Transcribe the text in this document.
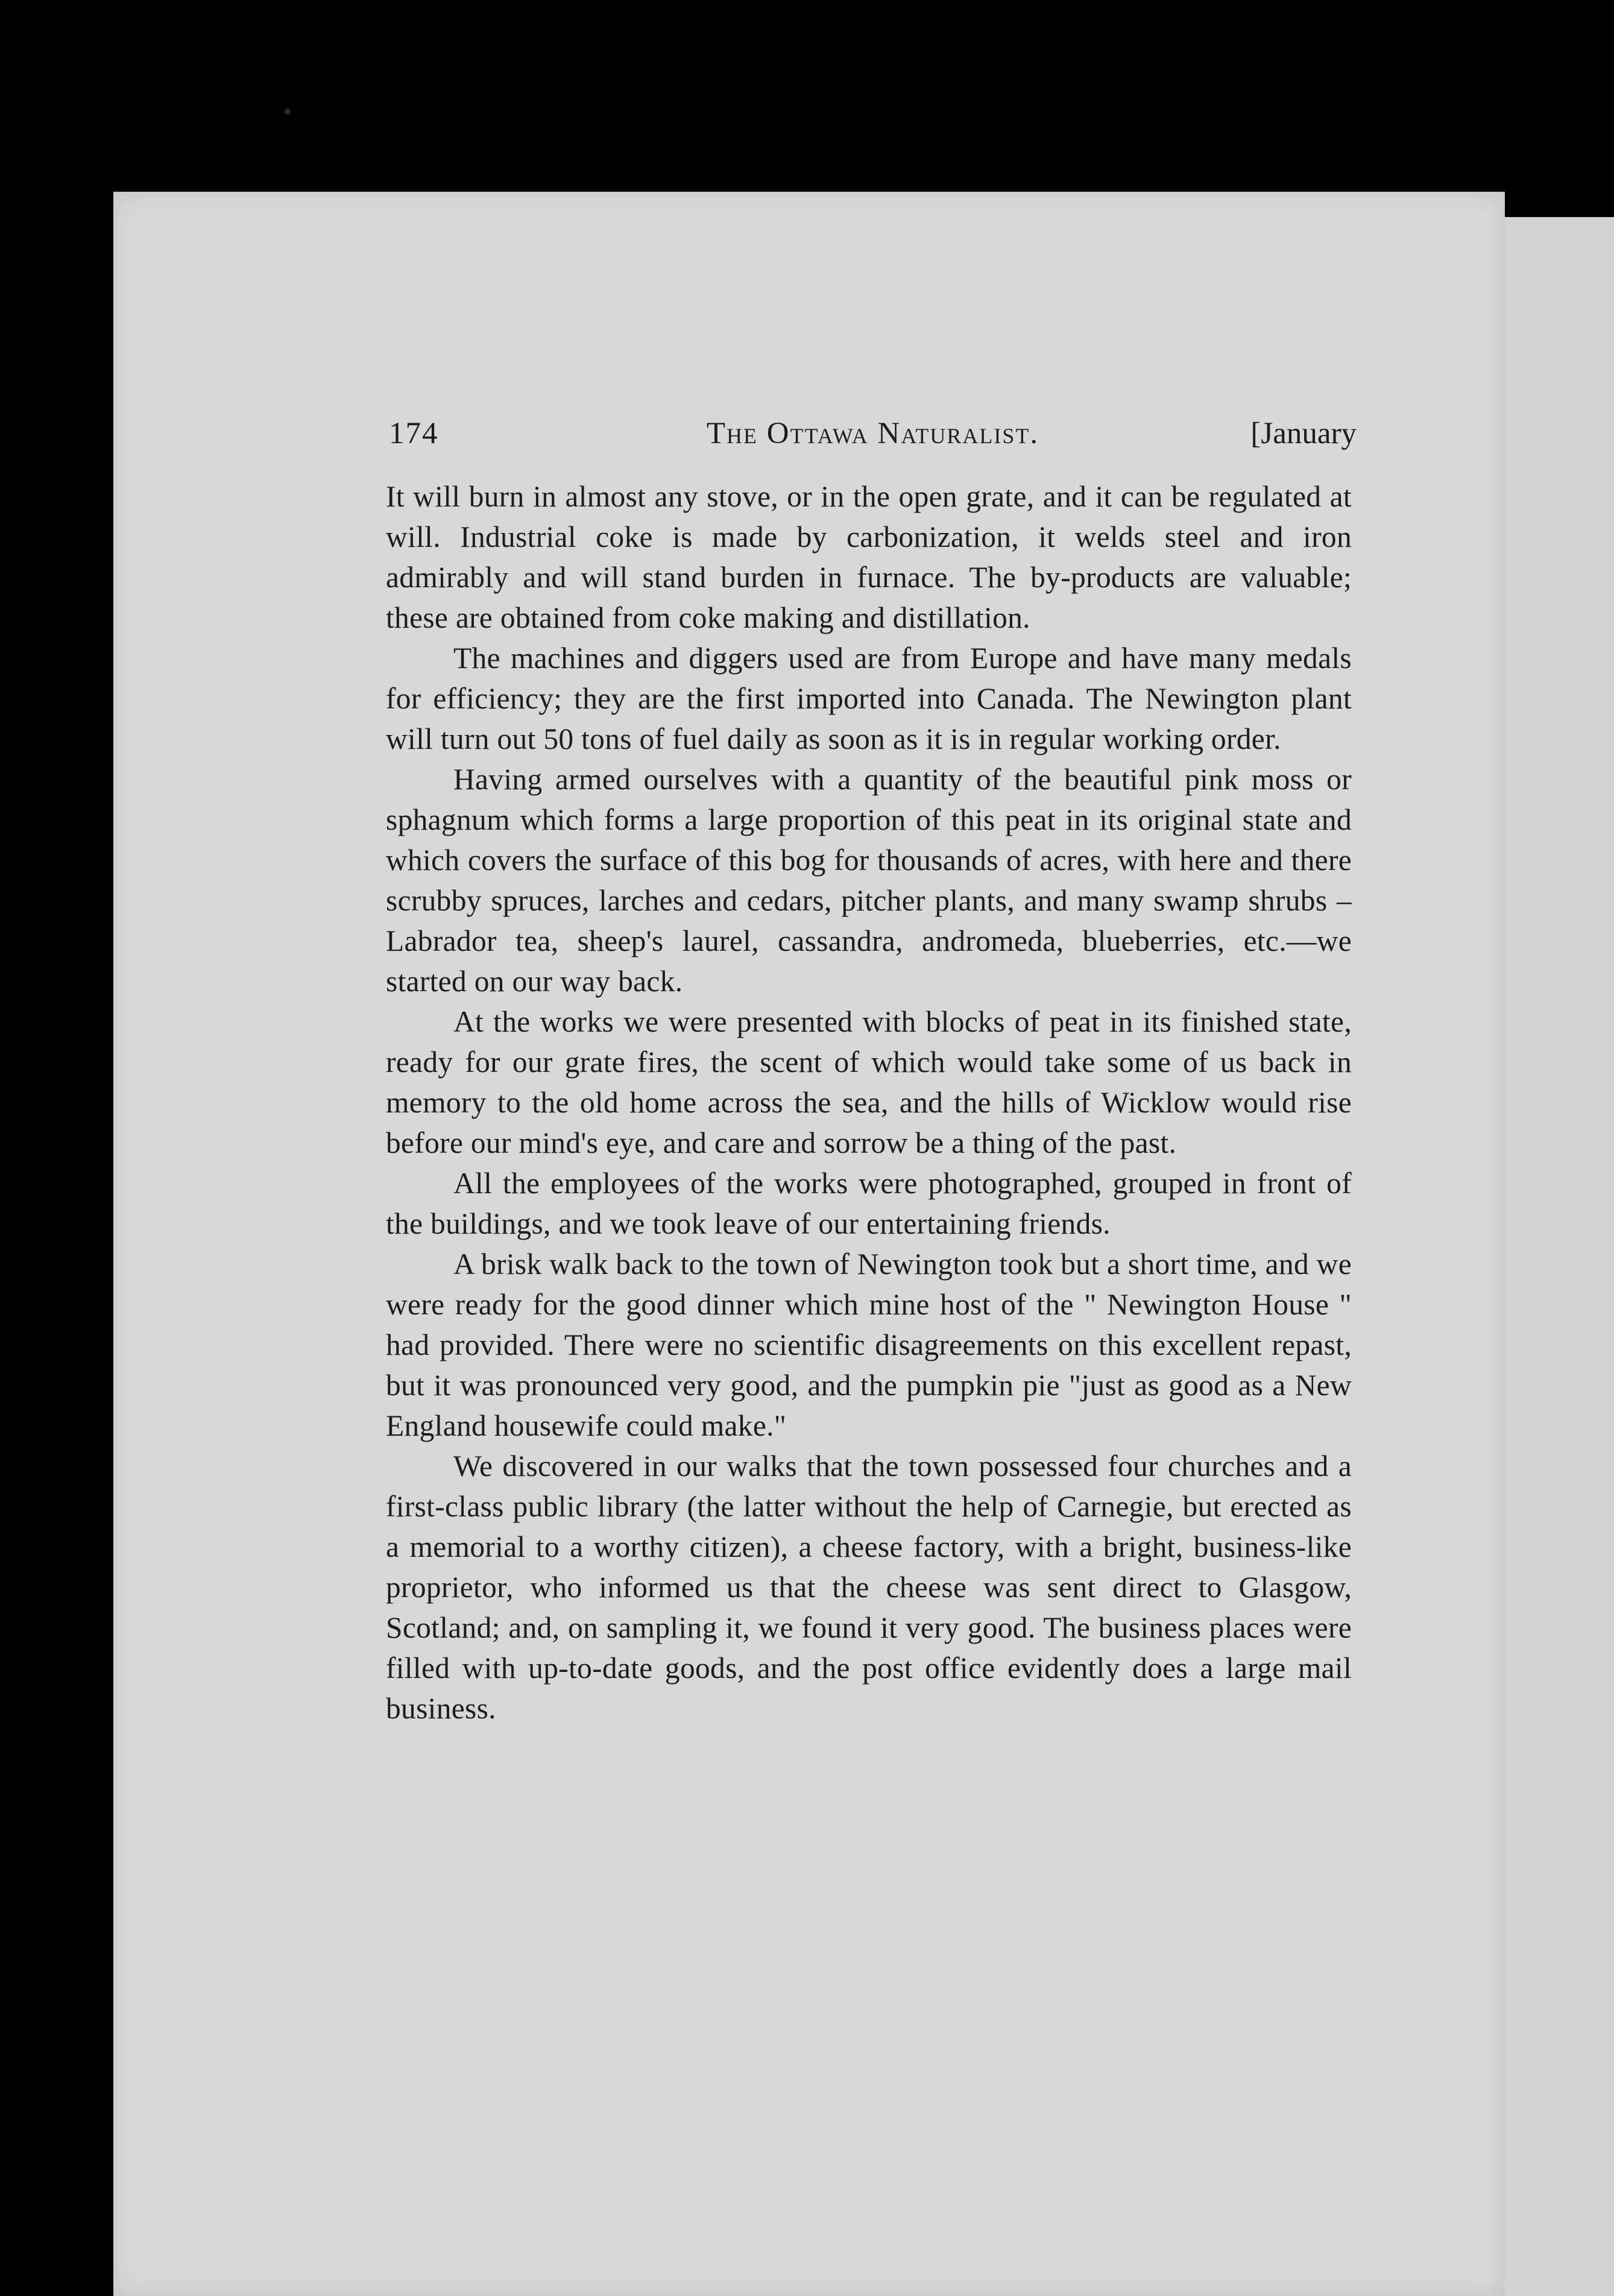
174	The Ottawa Naturalist.	[January

It will burn in almost any stove, or in the open grate, and it can be regulated at will. Industrial coke is made by carbonization, it welds steel and iron admirably and will stand burden in furnace. The by-products are valuable; these are obtained from coke making and distillation.

The machines and diggers used are from Europe and have many medals for efficiency; they are the first imported into Canada. The Newington plant will turn out 50 tons of fuel daily as soon as it is in regular working order.

Having armed ourselves with a quantity of the beautiful pink moss or sphagnum which forms a large proportion of this peat in its original state and which covers the surface of this bog for thousands of acres, with here and there scrubby spruces, larches and cedars, pitcher plants, and many swamp shrubs – Labrador tea, sheep's laurel, cassandra, andromeda, blueberries, etc.—we started on our way back.

At the works we were presented with blocks of peat in its finished state, ready for our grate fires, the scent of which would take some of us back in memory to the old home across the sea, and the hills of Wicklow would rise before our mind's eye, and care and sorrow be a thing of the past.

All the employees of the works were photographed, grouped in front of the buildings, and we took leave of our entertaining friends.

A brisk walk back to the town of Newington took but a short time, and we were ready for the good dinner which mine host of the " Newington House " had provided. There were no scientific disagreements on this excellent repast, but it was pronounced very good, and the pumpkin pie "just as good as a New England housewife could make."

We discovered in our walks that the town possessed four churches and a first-class public library (the latter without the help of Carnegie, but erected as a memorial to a worthy citizen), a cheese factory, with a bright, business-like proprietor, who informed us that the cheese was sent direct to Glasgow, Scotland; and, on sampling it, we found it very good. The business places were filled with up-to-date goods, and the post office evidently does a large mail business.
